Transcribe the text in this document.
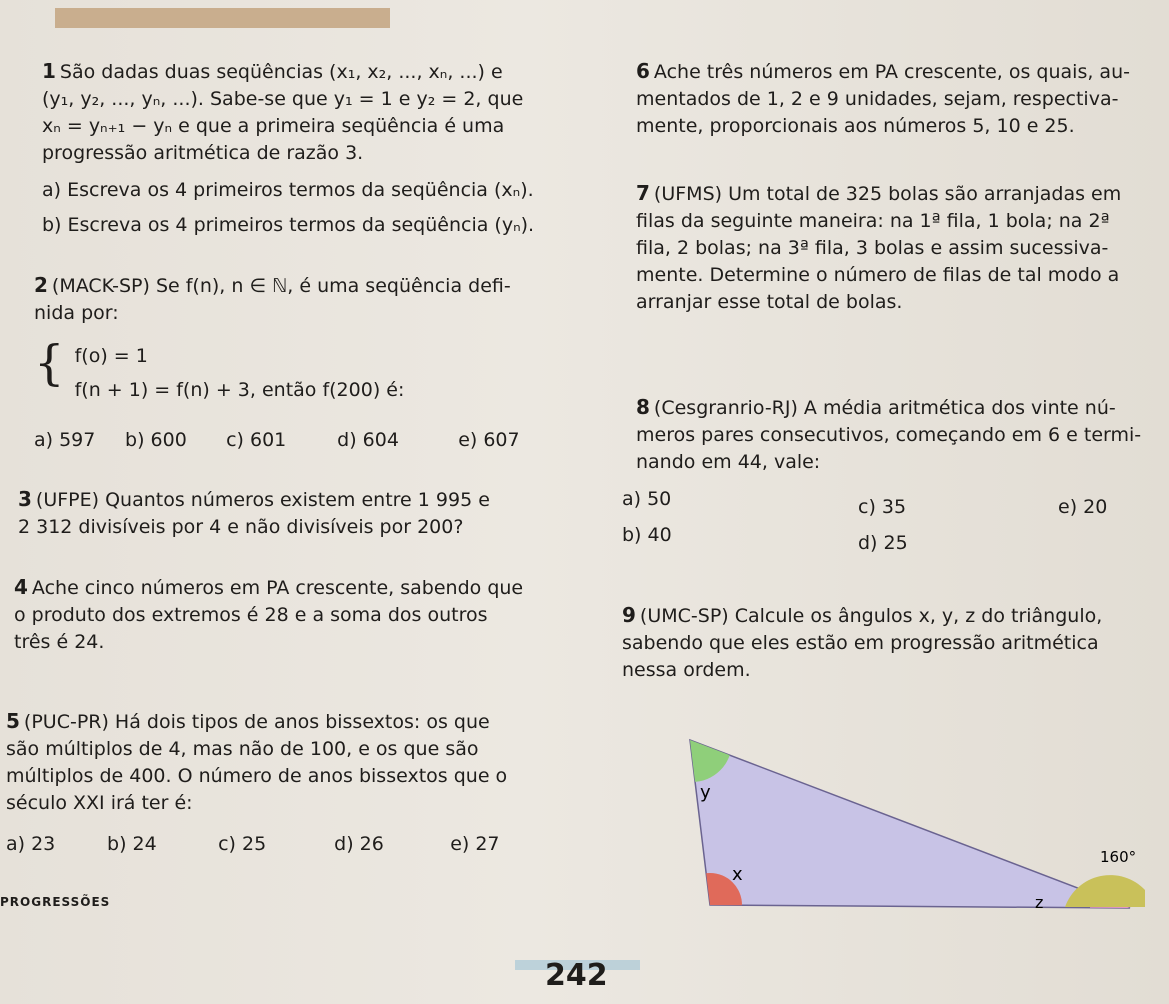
1 São dadas duas seqüências (x₁, x₂, ..., xₙ, ...) e
(y₁, y₂, ..., yₙ, ...). Sabe-se que y₁ = 1 e y₂ = 2, que
xₙ = yₙ₊₁ − yₙ e que a primeira seqüência é uma
progressão aritmética de razão 3.
a) Escreva os 4 primeiros termos da seqüência (xₙ).
b) Escreva os 4 primeiros termos da seqüência (yₙ).
2 (MACK-SP) Se f(n), n ∈ ℕ, é uma seqüência defi-
nida por:
{ f(o) = 1
f(n + 1) = f(n) + 3, então f(200) é:
a) 597 b) 600 c) 601	d) 604	e) 607
3 (UFPE) Quantos números existem entre 1 995 e
2 312 divisíveis por 4 e não divisíveis por 200?
4 Ache cinco números em PA crescente, sabendo que
o produto dos extremos é 28 e a soma dos outros
três é 24.
5 (PUC-PR) Há dois tipos de anos bissextos: os que
são múltiplos de 4, mas não de 100, e os que são
múltiplos de 400. O número de anos bissextos que o
século XXI irá ter é:
a) 23	b) 24	c) 25	d) 26	e) 27
6 Ache três números em PA crescente, os quais, au-
mentados de 1, 2 e 9 unidades, sejam, respectiva-
mente, proporcionais aos números 5, 10 e 25.
7 (UFMS) Um total de 325 bolas são arranjadas em
filas da seguinte maneira: na 1ª fila, 1 bola; na 2ª
fila, 2 bolas; na 3ª fila, 3 bolas e assim sucessiva-
mente. Determine o número de filas de tal modo a
arranjar esse total de bolas.
8 (Cesgranrio-RJ) A média aritmética dos vinte nú-
meros pares consecutivos, começando em 6 e termi-
nando em 44, vale:
a) 50
b) 40
c) 35
d) 25
e) 20
9 (UMC-SP) Calcule os ângulos x, y, z do triângulo,
sabendo que eles estão em progressão aritmética
nessa ordem.
y
x
z
160°
PROGRESSÕES
242
